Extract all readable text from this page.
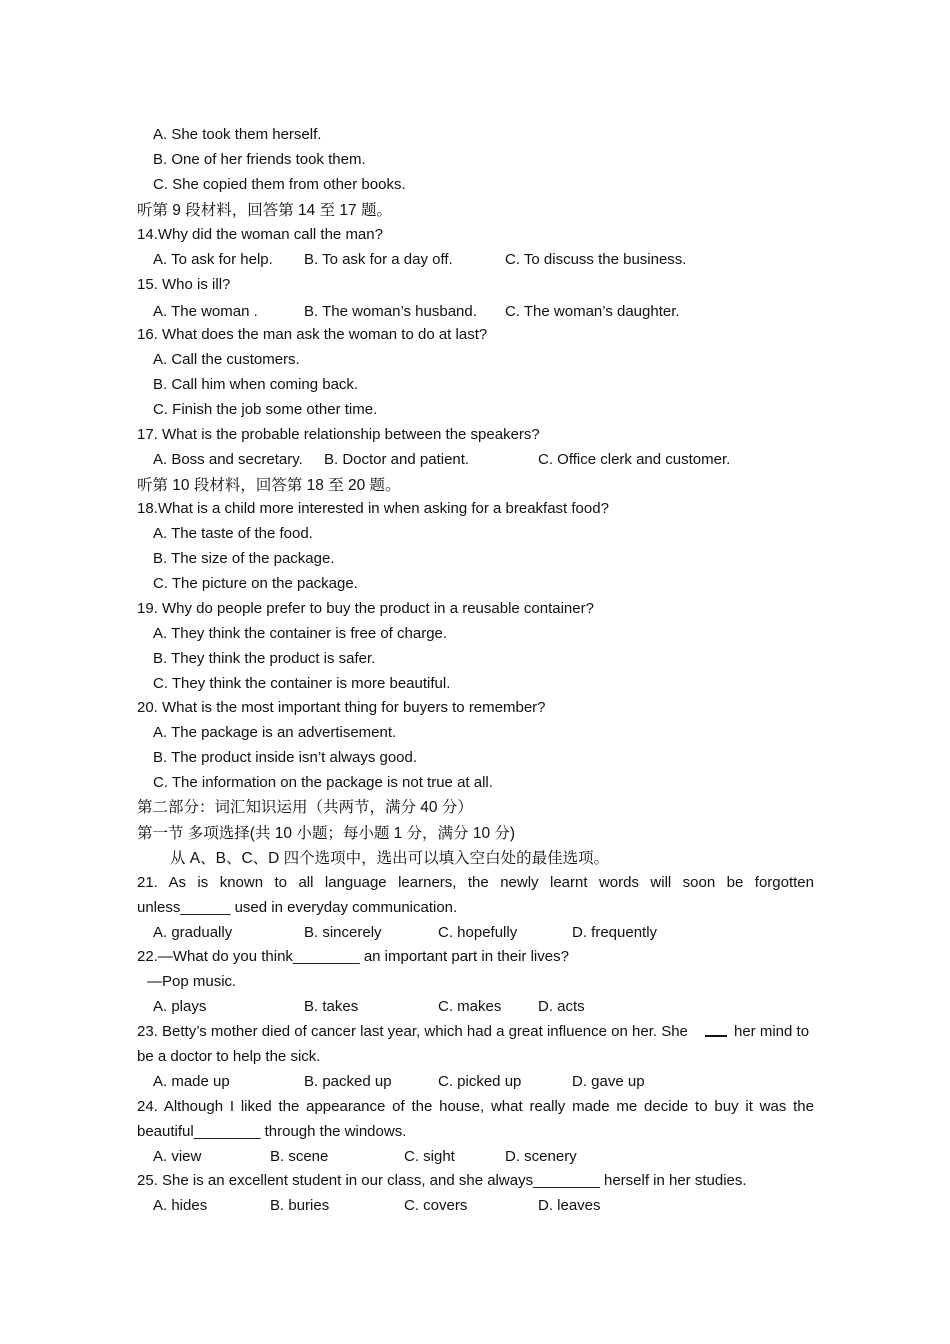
A. She took them herself.
B. One of her friends took them.
C. She copied them from other books.
听第 9 段材料，回答第 14 至 17 题。
14.Why did the woman call the man?
A. To ask for help. B. To ask for a day off.	C. To discuss the business.
15. Who is ill?
A. The woman .	B. The woman’s husband. C. The woman’s daughter.
16. What does the man ask the woman to do at last?
A. Call the customers.
B. Call him when coming back.
C. Finish the job some other time.
17. What is the probable relationship between the speakers?
A. Boss and secretary. B. Doctor and patient.	C. Office clerk and customer.
听第 10 段材料，回答第 18 至 20 题。
18.What is a child more interested in when asking for a breakfast food?
A. The taste of the food.
B. The size of the package.
C. The picture on the package.
19. Why do people prefer to buy the product in a reusable container?
A. They think the container is free of charge.
B. They think the product is safer.
C. They think the container is more beautiful.
20. What is the most important thing for buyers to remember?
A. The package is an advertisement.
B. The product inside isn’t always good.
C. The information on the package is not true at all.
第二部分：词汇知识运用（共两节，满分 40 分）
第一节 多项选择(共 10 小题；每小题 1 分，满分 10 分)
从 A、B、C、D 四个选项中，选出可以填入空白处的最佳选项。
21. As is known to all language learners, the newly learnt words will soon be forgotten
unless______ used in everyday communication.
A. gradually	B. sincerely	C. hopefully	D. frequently
22.—What do you think________ an important part in their lives?
—Pop music.
A. plays	B. takes	C. makes D. acts
23. Betty’s mother died of cancer last year, which had a great influence on her. She	her mind to
be a doctor to help the sick.
A. made up	B. packed up	C. picked up	D. gave up
24. Although I liked the appearance of the house, what really made me decide to buy it was the
beautiful________ through the windows.
A. view	B. scene	C. sight	D. scenery
25. She is an excellent student in our class, and she always________ herself in her studies.
A. hides	B. buries	C. covers	D. leaves
